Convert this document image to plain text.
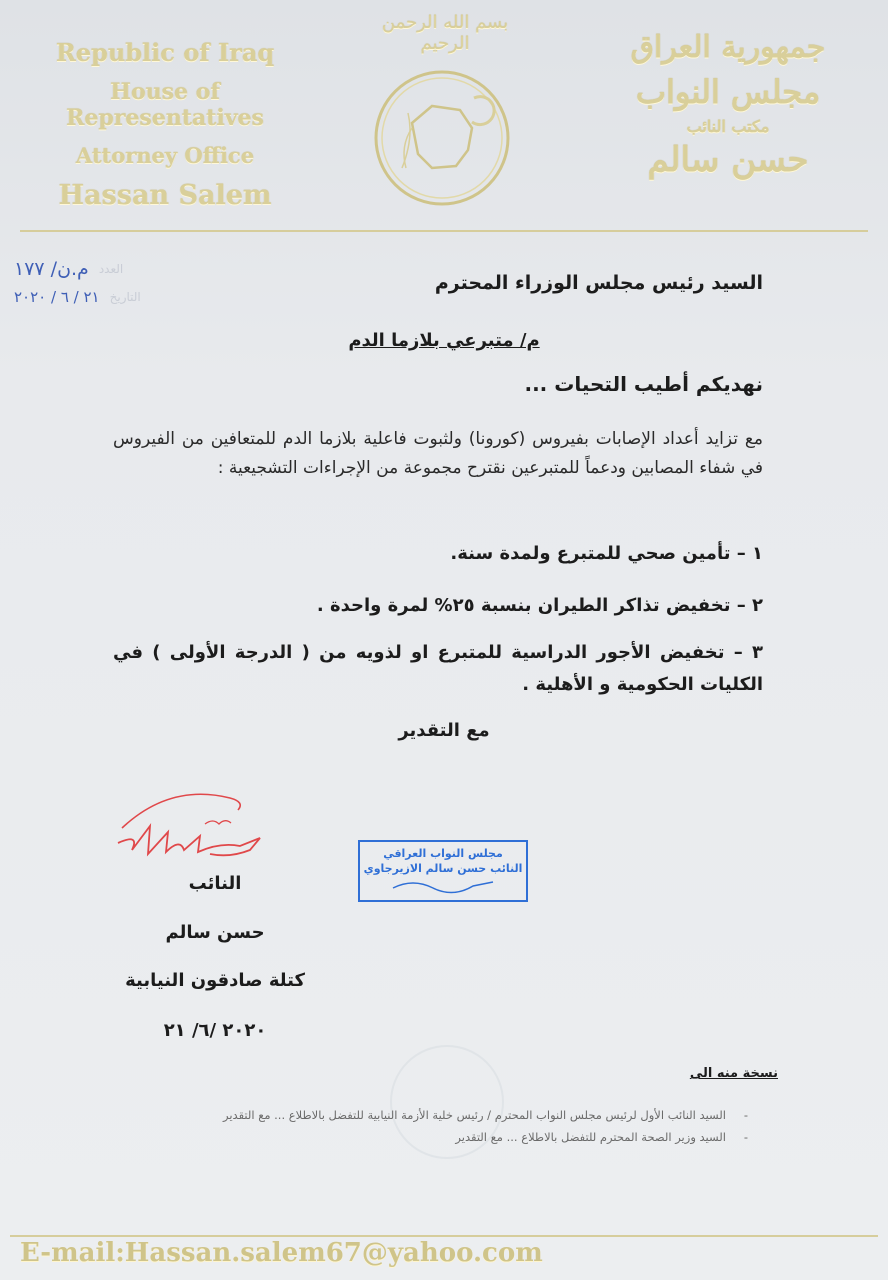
بسم الله الرحمن الرحيم
Republic of Iraq
House of Representatives
Attorney Office
Hassan Salem
جمهورية العراق
مجلس النواب
مكتب النائب
حسن سالم
م.ن/ ١٧٧ العدد
٢١ / ٦ / ٢٠٢٠ التاريخ
السيد رئيس مجلس الوزراء المحترم
م/ متبرعي بلازما الدم
نهديكم أطيب التحيات ...
مع تزايد أعداد الإصابات بفيروس (كورونا) ولثبوت فاعلية بلازما الدم للمتعافين من الفيروس في شفاء المصابين ودعماً للمتبرعين نقترح مجموعة من الإجراءات التشجيعية :
١ – تأمين صحي للمتبرع ولمدة سنة.
٢ – تخفيض تذاكر الطيران بنسبة ٢٥% لمرة واحدة .
٣ – تخفيض الأجور الدراسية للمتبرع او لذويه من ( الدرجة الأولى ) في الكليات الحكومية و الأهلية .
مع التقدير
النائب
حسن سالم
كتلة صادقون النيابية
٢٠٢٠ /٦/ ٢١
مجلس النواب العراقي
النائب حسن سالم الازيرجاوي
نسخة منه الى
- السيد النائب الأول لرئيس مجلس النواب المحترم / رئيس خلية الأزمة النيابية للتفضل بالاطلاع ... مع التقدير
- السيد وزير الصحة المحترم للتفضل بالاطلاع ... مع التقدير
E-mail:Hassan.salem67@yahoo.com
